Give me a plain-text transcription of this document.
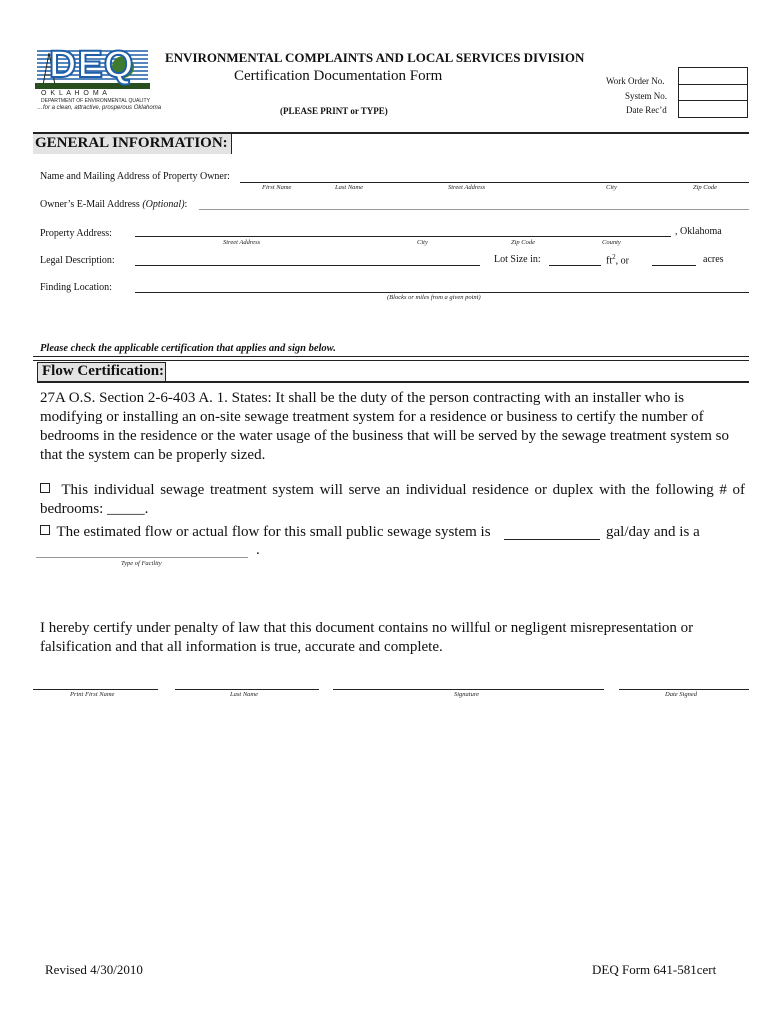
DEQ
O K L A H O M A
DEPARTMENT OF ENVIRONMENTAL QUALITY
…for a clean, attractive, prosperous Oklahoma
ENVIRONMENTAL COMPLAINTS AND LOCAL SERVICES DIVISION
Certification Documentation Form
(PLEASE PRINT or TYPE)
Work Order No.
System No.
Date Rec’d
GENERAL INFORMATION:
Name and Mailing Address of Property Owner:
First Name	Last Name	Street Address	City	Zip Code
Owner’s E-Mail Address (Optional):
Property Address:	, Oklahoma
Street Address	City	Zip Code	County
Legal Description:	Lot Size in:	$ft^2$, or	acres
Finding Location:
(Blocks or miles from a given point)
Please check the applicable certification that applies and sign below.
Flow Certification:
27A O.S. Section 2-6-403 A. 1. States: It shall be the duty of the person contracting with an installer who is modifying or installing an on-site sewage treatment system for a residence or business to certify the number of bedrooms in the residence or the water usage of the business that will be served by the sewage treatment system so that the system can be properly sized.
This individual sewage treatment system will serve an individual residence or duplex with the following # of bedrooms: _____.
The estimated flow or actual flow for this small public sewage system is	gal/day and is a
.
Type of Facility
I hereby certify under penalty of law that this document contains no willful or negligent misrepresentation or falsification and that all information is true, accurate and complete.
Print First Name	Last Name	Signature	Date Signed
Revised 4/30/2010	DEQ Form 641-581cert
